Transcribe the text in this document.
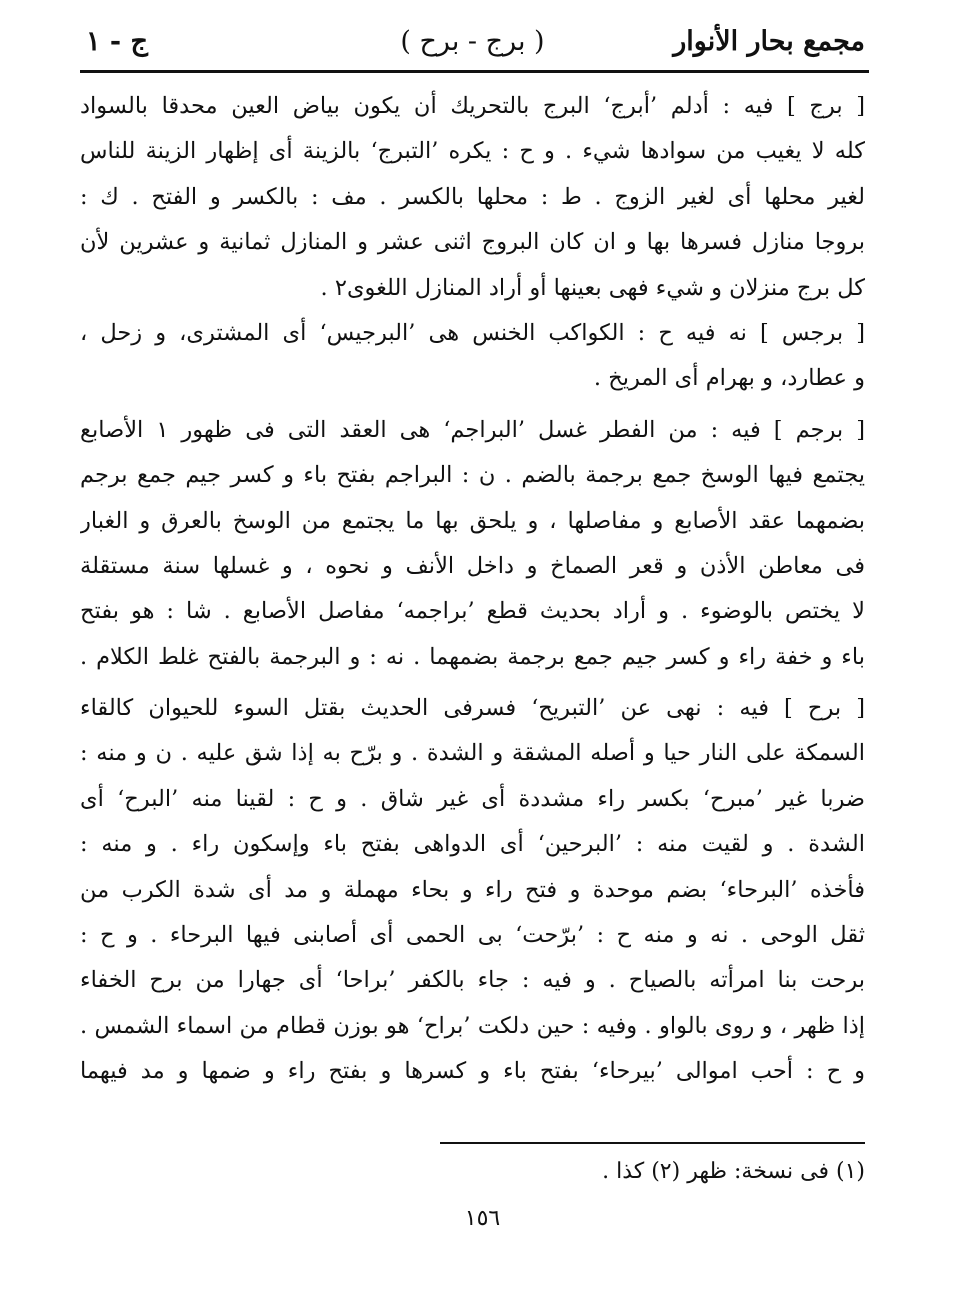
مجمع بحار الأنوار
( برج - برح )
ج - ١
[ برج ] فيه : أدلم ’أبرج‘ البرج بالتحريك أن يكون بياض العين محدقا بالسواد
كله لا يغيب من سوادها شيء . و ح : يكره ’التبرج‘ بالزينة أى إظهار الزينة للناس
لغير محلها أى لغير الزوج . ط : محلها بالكسر . مف : بالكسر و الفتح . ك :
بروجا منازل فسرها بها و ان كان البروج اثنى عشر و المنازل ثمانية و عشرين لأن
كل برج منزلان و شيء فهى بعينها أو أراد المنازل اللغوى٢ .
[ برجس ] نه فيه ح : الكواكب الخنس هى ’البرجيس‘ أى المشترى، و زحل ،
و عطارد، و بهرام أى المريخ .
[ برجم ] فيه : من الفطر غسل ’البراجم‘ هى العقد التى فى ظهور ١ الأصابع
يجتمع فيها الوسخ جمع برجمة بالضم . ن : البراجم بفتح باء و كسر جيم جمع برجم
بضمهما عقد الأصابع و مفاصلها ، و يلحق بها ما يجتمع من الوسخ بالعرق و الغبار
فى معاطن الأذن و قعر الصماخ و داخل الأنف و نحوه ، و غسلها سنة مستقلة
لا يختص بالوضوء . و أراد بحديث قطع ’براجمه‘ مفاصل الأصابع . شا : هو بفتح
باء و خفة راء و كسر جيم جمع برجمة بضمهما . نه : و البرجمة بالفتح غلط الكلام .
[ برح ] فيه : نهى عن ’التبريح‘ فسرفى الحديث بقتل السوء للحيوان كالقاء
السمكة على النار حيا و أصله المشقة و الشدة . و برّح به إذا شق عليه . ن و منه :
ضربا غير ’مبرح‘ بكسر راء مشددة أى غير شاق . و ح : لقينا منه ’البرح‘ أى
الشدة . و لقيت منه : ’البرحين‘ أى الدواهى بفتح باء وإسكون راء . و منه :
فأخذه ’البرحاء‘ بضم موحدة و فتح راء و بحاء مهملة و مد أى شدة الكرب من
ثقل الوحى . نه و منه ح : ’برّحت‘ بى الحمى أى أصابنى فيها البرحاء . و ح :
برحت بنا امرأته بالصياح . و فيه : جاء بالكفر ’براحا‘ أى جهارا من برح الخفاء
إذا ظهر ، و روى بالواو . وفيه : حين دلكت ’براح‘ هو بوزن قطام من اسماء الشمس .
و ح : أحب اموالى ’بيرحاء‘ بفتح باء و كسرها و بفتح راء و ضمها و مد فيهما
(١) فى نسخة: ظهر (٢) كذا .
١٥٦
